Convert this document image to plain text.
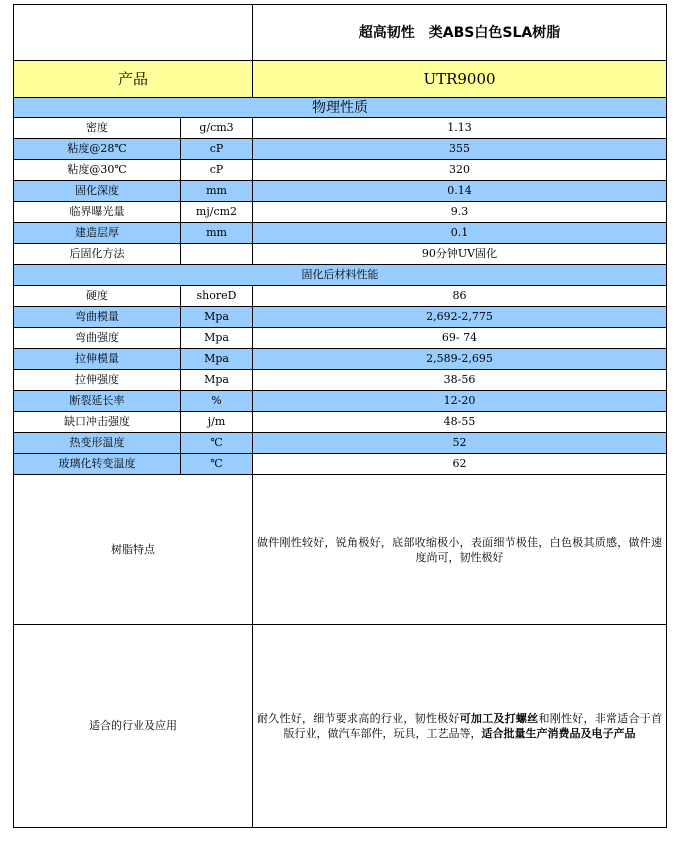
		超高韧性　类ABS白色SLA树脂
产品		UTR9000
物理性质		
密度	g/cm3	1.13
粘度@28℃	cP	355
粘度@30℃	cP	320
固化深度	mm	0.14
临界曝光量	mj/cm2	9.3
建造层厚	mm	0.1
后固化方法		90分钟UV固化
固化后材料性能		
硬度	shoreD	86
弯曲模量	Mpa	2,692-2,775
弯曲强度	Mpa	69- 74
拉伸模量	Mpa	2,589-2,695
拉伸强度	Mpa	38-56
断裂延长率	%	12-20
缺口冲击强度	j/m	48-55
热变形温度	℃	52
玻璃化转变温度	℃	62
树脂特点		做件刚性较好，锐角极好，底部收缩极小，表面细节极佳，白色极其质感，做件速度尚可，韧性极好
适合的行业及应用		耐久性好，细节要求高的行业，韧性极好可加工及打螺丝和刚性好，非常适合于首版行业，做汽车部件，玩具，工艺品等，适合批量生产消费品及电子产品
